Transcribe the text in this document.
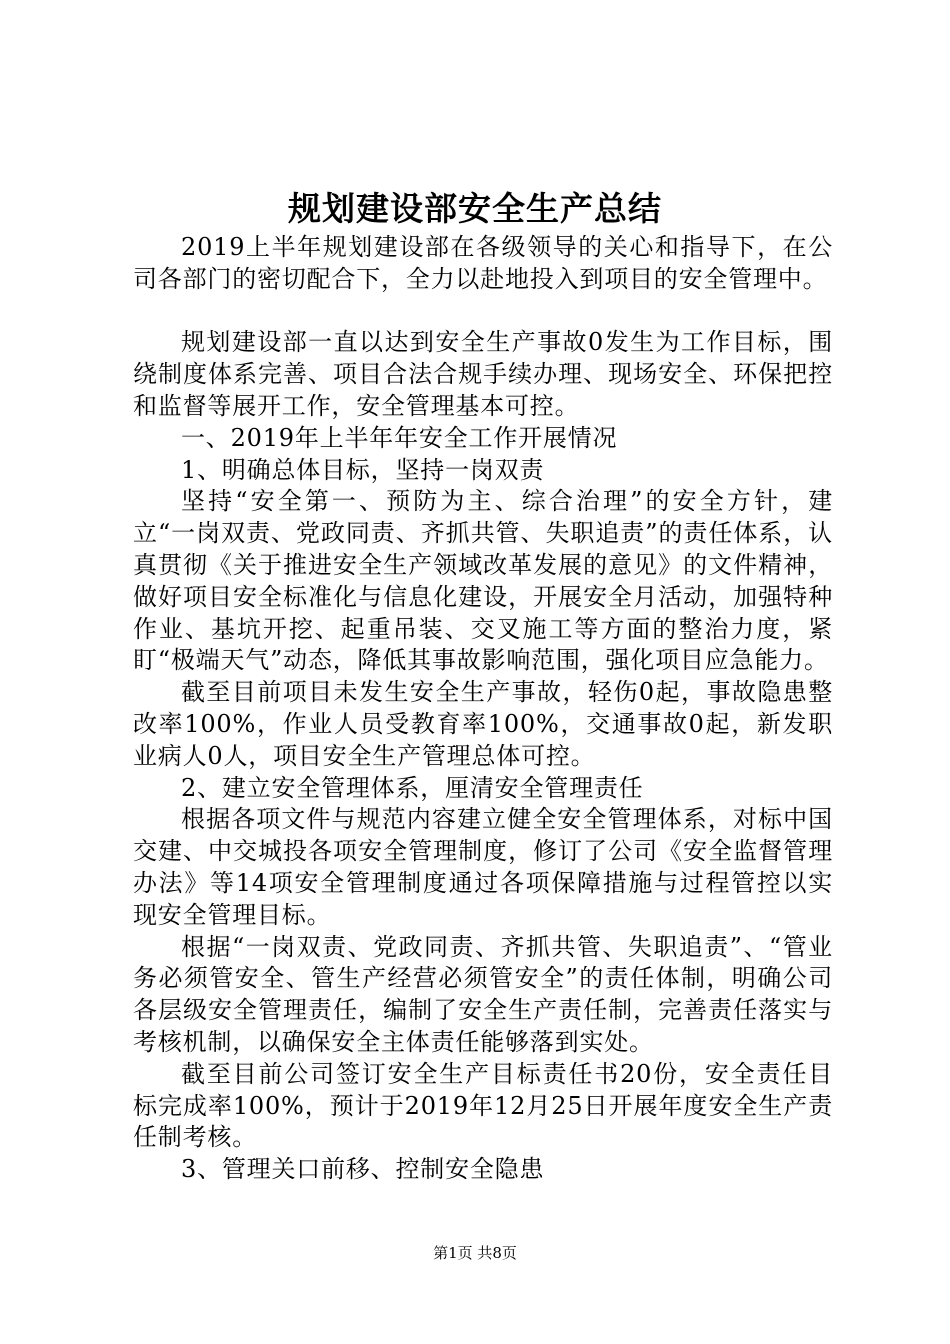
规划建设部安全生产总结

2019上半年规划建设部在各级领导的关心和指导下，在公司各部门的密切配合下，全力以赴地投入到项目的安全管理中。

规划建设部一直以达到安全生产事故0发生为工作目标，围绕制度体系完善、项目合法合规手续办理、现场安全、环保把控和监督等展开工作，安全管理基本可控。

一、2019年上半年年安全工作开展情况

1、明确总体目标，坚持一岗双责

坚持“安全第一、预防为主、综合治理”的安全方针，建立“一岗双责、党政同责、齐抓共管、失职追责”的责任体系，认真贯彻《关于推进安全生产领域改革发展的意见》的文件精神，做好项目安全标准化与信息化建设，开展安全月活动，加强特种作业、基坑开挖、起重吊装、交叉施工等方面的整治力度，紧盯“极端天气”动态，降低其事故影响范围，强化项目应急能力。

截至目前项目未发生安全生产事故，轻伤0起，事故隐患整改率100%，作业人员受教育率100%，交通事故0起，新发职业病人0人，项目安全生产管理总体可控。

2、建立安全管理体系，厘清安全管理责任

根据各项文件与规范内容建立健全安全管理体系，对标中国交建、中交城投各项安全管理制度，修订了公司《安全监督管理办法》等14项安全管理制度通过各项保障措施与过程管控以实现安全管理目标。

根据“一岗双责、党政同责、齐抓共管、失职追责”、“管业务必须管安全、管生产经营必须管安全”的责任体制，明确公司各层级安全管理责任，编制了安全生产责任制，完善责任落实与考核机制，以确保安全主体责任能够落到实处。

截至目前公司签订安全生产目标责任书20份，安全责任目标完成率100%，预计于2019年12月25日开展年度安全生产责任制考核。

3、管理关口前移、控制安全隐患

第1页 共8页
